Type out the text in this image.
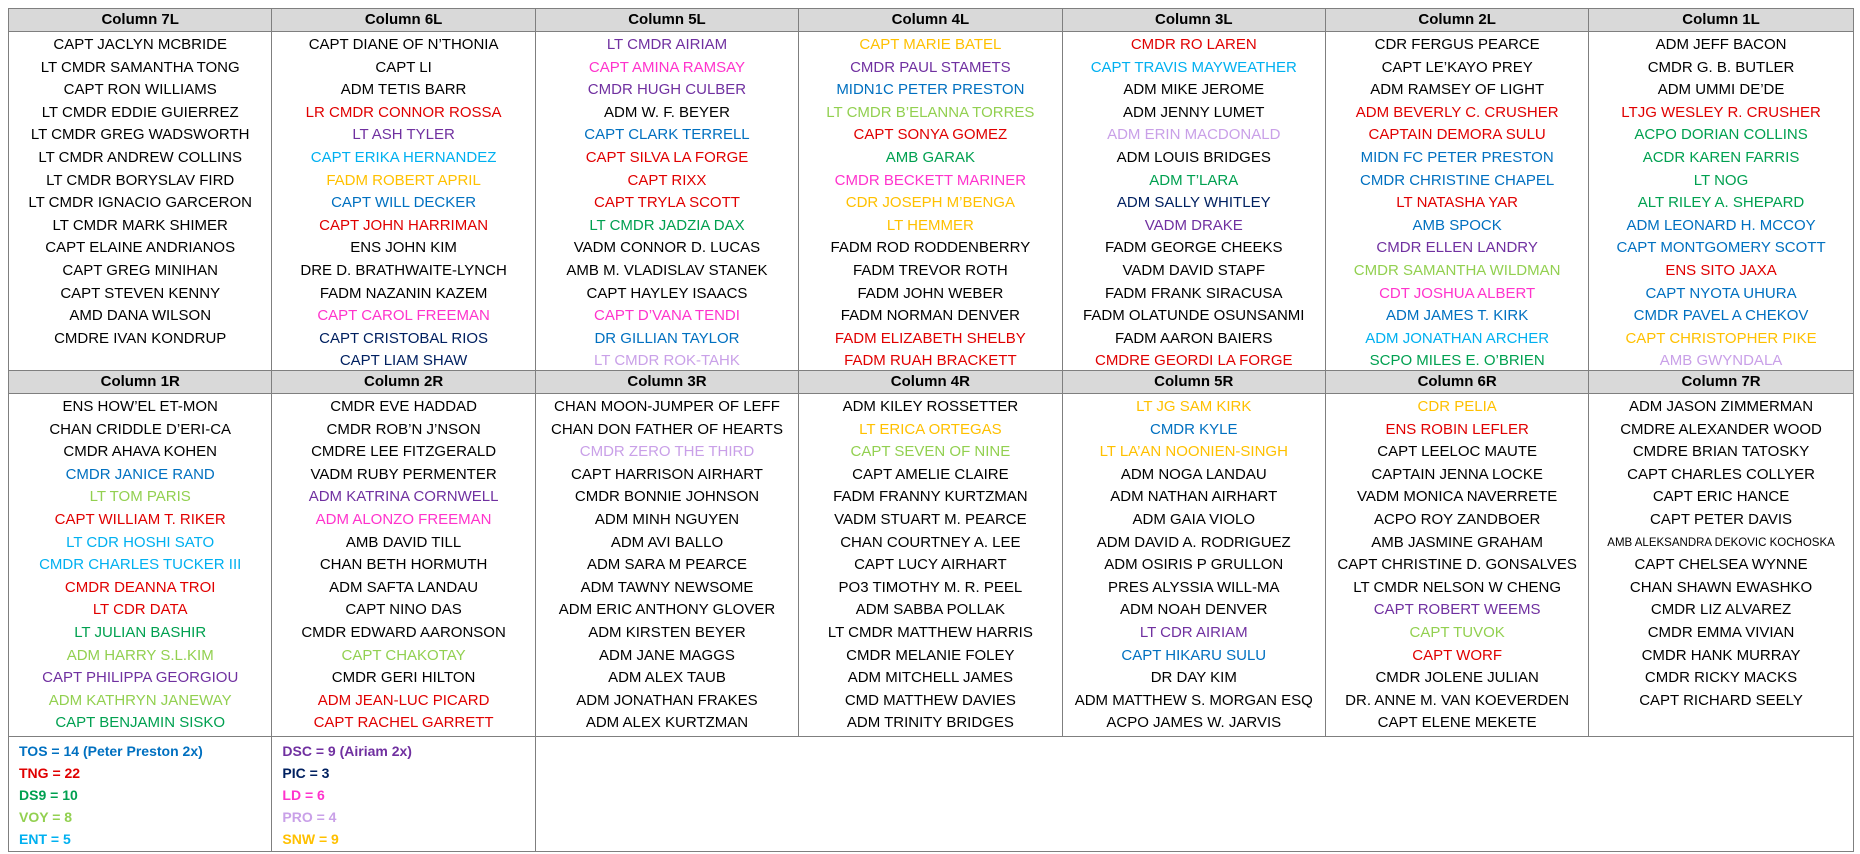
Column 7L
CAPT JACLYN MCBRIDE
LT CMDR SAMANTHA TONG
CAPT RON WILLIAMS
LT CMDR EDDIE GUIERREZ
LT CMDR GREG WADSWORTH
LT CMDR ANDREW COLLINS
LT CMDR BORYSLAV FIRD
LT CMDR IGNACIO GARCERON
LT CMDR MARK SHIMER
CAPT ELAINE ANDRIANOS
CAPT GREG MINIHAN
CAPT STEVEN KENNY
AMD DANA WILSON
CMDRE IVAN KONDRUP
Column 6L
CAPT DIANE OF N’THONIA
CAPT LI
ADM TETIS BARR
LR CMDR CONNOR ROSSA
LT ASH TYLER
CAPT ERIKA HERNANDEZ
FADM ROBERT APRIL
CAPT WILL DECKER
CAPT JOHN HARRIMAN
ENS JOHN KIM
DRE D. BRATHWAITE-LYNCH
FADM NAZANIN KAZEM
CAPT CAROL FREEMAN
CAPT CRISTOBAL RIOS
CAPT LIAM SHAW
Column 5L
LT CMDR AIRIAM
CAPT AMINA RAMSAY
CMDR HUGH CULBER
ADM W. F. BEYER
CAPT CLARK TERRELL
CAPT SILVA LA FORGE
CAPT RIXX
CAPT TRYLA SCOTT
LT CMDR JADZIA DAX
VADM CONNOR D. LUCAS
AMB M. VLADISLAV STANEK
CAPT HAYLEY ISAACS
CAPT D’VANA TENDI
DR GILLIAN TAYLOR
LT CMDR ROK-TAHK
Column 4L
CAPT MARIE BATEL
CMDR PAUL STAMETS
MIDN1C PETER PRESTON
LT CMDR B’ELANNA TORRES
CAPT SONYA GOMEZ
AMB GARAK
CMDR BECKETT MARINER
CDR JOSEPH M’BENGA
LT HEMMER
FADM ROD RODDENBERRY
FADM TREVOR ROTH
FADM JOHN WEBER
FADM NORMAN DENVER
FADM ELIZABETH SHELBY
FADM RUAH BRACKETT
Column 3L
CMDR RO LAREN
CAPT TRAVIS MAYWEATHER
ADM MIKE JEROME
ADM JENNY LUMET
ADM ERIN MACDONALD
ADM LOUIS BRIDGES
ADM T’LARA
ADM SALLY WHITLEY
VADM DRAKE
FADM GEORGE CHEEKS
VADM DAVID STAPF
FADM FRANK SIRACUSA
FADM OLATUNDE OSUNSANMI
FADM AARON BAIERS
CMDRE GEORDI LA FORGE
Column 2L
CDR FERGUS PEARCE
CAPT LE’KAYO PREY
ADM RAMSEY OF LIGHT
ADM BEVERLY C. CRUSHER
CAPTAIN DEMORA SULU
MIDN FC PETER PRESTON
CMDR CHRISTINE CHAPEL
LT NATASHA YAR
AMB SPOCK
CMDR ELLEN LANDRY
CMDR SAMANTHA WILDMAN
CDT JOSHUA ALBERT
ADM JAMES T. KIRK
ADM JONATHAN ARCHER
SCPO MILES E. O’BRIEN
Column 1L
ADM JEFF BACON
CMDR G. B. BUTLER
ADM UMMI DE’DE
LTJG WESLEY R. CRUSHER
ACPO DORIAN COLLINS
ACDR KAREN FARRIS
LT NOG
ALT RILEY A. SHEPARD
ADM LEONARD H. MCCOY
CAPT MONTGOMERY SCOTT
ENS SITO JAXA
CAPT NYOTA UHURA
CMDR PAVEL A CHEKOV
CAPT CHRISTOPHER PIKE
AMB GWYNDALA
Column 1R
ENS HOW’EL ET-MON
CHAN CRIDDLE D’ERI-CA
CMDR AHAVA KOHEN
CMDR JANICE RAND
LT TOM PARIS
CAPT WILLIAM T. RIKER
LT CDR HOSHI SATO
CMDR CHARLES TUCKER III
CMDR DEANNA TROI
LT CDR DATA
LT JULIAN BASHIR
ADM HARRY S.L.KIM
CAPT PHILIPPA GEORGIOU
ADM KATHRYN JANEWAY
CAPT BENJAMIN SISKO
Column 2R
CMDR EVE HADDAD
CMDR ROB’N J’NSON
CMDRE LEE FITZGERALD
VADM RUBY PERMENTER
ADM KATRINA CORNWELL
ADM ALONZO FREEMAN
AMB DAVID TILL
CHAN BETH HORMUTH
ADM SAFTA LANDAU
CAPT NINO DAS
CMDR EDWARD AARONSON
CAPT CHAKOTAY
CMDR GERI HILTON
ADM JEAN-LUC PICARD
CAPT RACHEL GARRETT
Column 3R
CHAN MOON-JUMPER OF LEFF
CHAN DON FATHER OF HEARTS
CMDR ZERO THE THIRD
CAPT HARRISON AIRHART
CMDR BONNIE JOHNSON
ADM MINH NGUYEN
ADM AVI BALLO
ADM SARA M PEARCE
ADM TAWNY NEWSOME
ADM ERIC ANTHONY GLOVER
ADM KIRSTEN BEYER
ADM JANE MAGGS
ADM ALEX TAUB
ADM JONATHAN FRAKES
ADM ALEX KURTZMAN
Column 4R
ADM KILEY ROSSETTER
LT ERICA ORTEGAS
CAPT SEVEN OF NINE
CAPT AMELIE CLAIRE
FADM FRANNY KURTZMAN
VADM STUART M. PEARCE
CHAN COURTNEY A. LEE
CAPT LUCY AIRHART
PO3 TIMOTHY M. R. PEEL
ADM SABBA POLLAK
LT CMDR MATTHEW HARRIS
CMDR MELANIE FOLEY
ADM MITCHELL JAMES
CMD MATTHEW DAVIES
ADM TRINITY BRIDGES
Column 5R
LT JG SAM KIRK
CMDR KYLE
LT LA’AN NOONIEN-SINGH
ADM NOGA LANDAU
ADM NATHAN AIRHART
ADM GAIA VIOLO
ADM DAVID A. RODRIGUEZ
ADM OSIRIS P GRULLON
PRES ALYSSIA WILL-MA
ADM NOAH DENVER
LT CDR AIRIAM
CAPT HIKARU SULU
DR DAY KIM
ADM MATTHEW S. MORGAN ESQ
ACPO JAMES W. JARVIS
Column 6R
CDR PELIA
ENS ROBIN LEFLER
CAPT LEELOC MAUTE
CAPTAIN JENNA LOCKE
VADM MONICA NAVERRETE
ACPO ROY ZANDBOER
AMB JASMINE GRAHAM
CAPT CHRISTINE D. GONSALVES
LT CMDR NELSON W CHENG
CAPT ROBERT WEEMS
CAPT TUVOK
CAPT WORF
CMDR JOLENE JULIAN
DR. ANNE M. VAN KOEVERDEN
CAPT ELENE MEKETE
Column 7R
ADM JASON ZIMMERMAN
CMDRE ALEXANDER WOOD
CMDRE BRIAN TATOSKY
CAPT CHARLES COLLYER
CAPT ERIC HANCE
CAPT PETER DAVIS
AMB ALEKSANDRA DEKOVIC KOCHOSKA
CAPT CHELSEA WYNNE
CHAN SHAWN EWASHKO
CMDR LIZ ALVAREZ
CMDR EMMA VIVIAN
CMDR HANK MURRAY
CMDR RICKY MACKS
CAPT RICHARD SEELY
TOS = 14 (Peter Preston 2x)
TNG = 22
DS9 = 10
VOY = 8
ENT = 5
DSC = 9 (Airiam 2x)
PIC = 3
LD = 6
PRO = 4
SNW = 9
